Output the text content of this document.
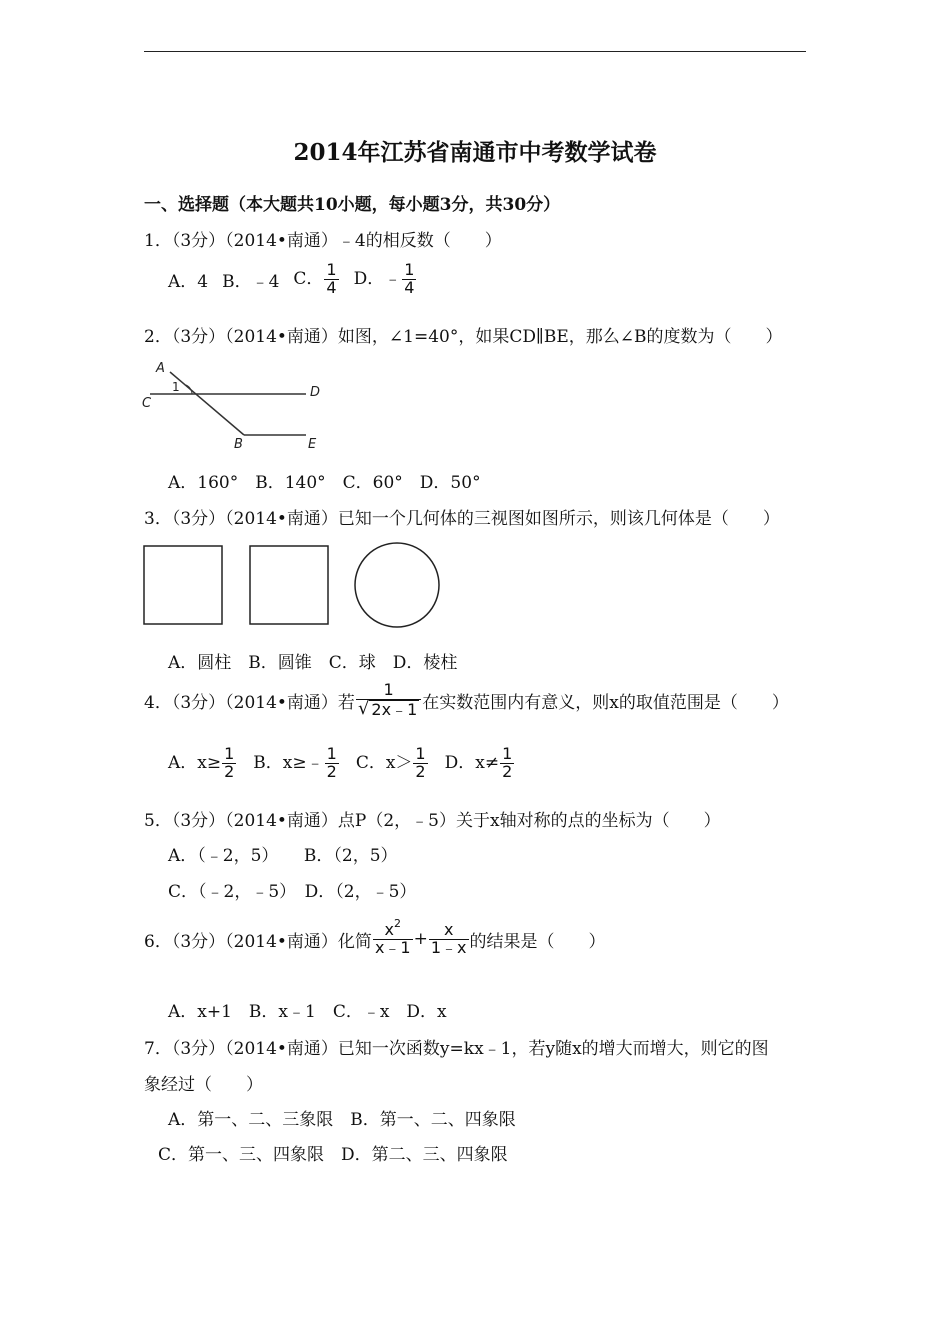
2014年江苏省南通市中考数学试卷
一、选择题（本大题共10小题，每小题3分，共30分）
1．（3分）（2014•南通）﹣4的相反数（　　）
A．4 B．﹣4 C． $\frac{1}{4}$ D．﹣ $\frac{1}{4}$
2．（3分）（2014•南通）如图，∠1=40°，如果CD∥BE，那么∠B的度数为（　　）
A
C
D
B	E
1
A．160°　B．140°　C．60°　D．50°
3．（3分）（2014•南通）已知一个几何体的三视图如图所示，则该几何体是（　　）
A．圆柱　B．圆锥　C．球　D．棱柱
4．（3分）（2014•南通）若 $\frac{1}{√ 2x﹣1}$ 在实数范围内有意义，则x的取值范围是（　　）
A．$x\ge \frac{1}{2}$ B．x≥﹣ $\frac{1}{2}$ C．$x> \frac{1}{2}$ D．$x\ne \frac{1}{2}$
5．（3分）（2014•南通）点P（2，﹣5）关于x轴对称的点的坐标为（　　）
A．（﹣2，5）　　B．（2，5）
C．（﹣2，﹣5）　D．（2，﹣5）
6．（3分）（2014•南通）化简 $\frac{x^2}{x﹣1} + \frac{x}{1﹣x}$ 的结果是（　　）
A．x+1　B．x﹣1　C．﹣x　D．x
7．（3分）（2014•南通）已知一次函数y=kx﹣1，若y随x的增大而增大，则它的图
象经过（　　）
A．第一、二、三象限　B．第一、二、四象限
C．第一、三、四象限　D．第二、三、四象限
